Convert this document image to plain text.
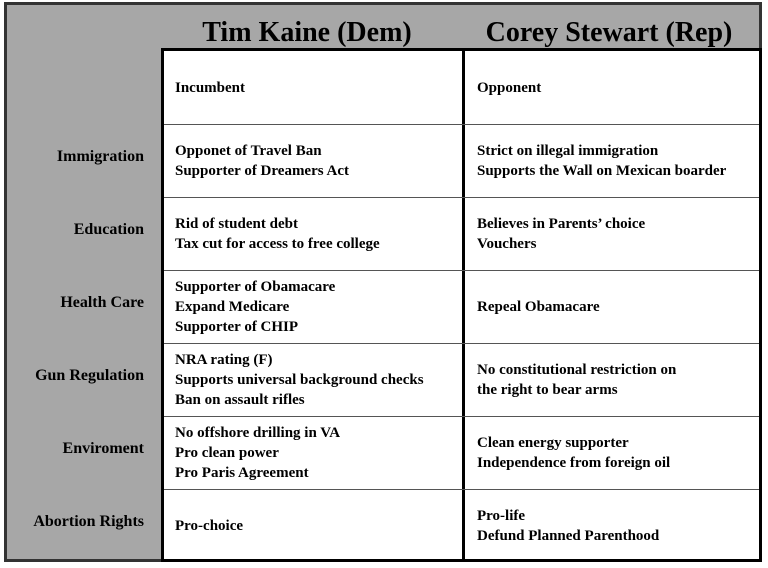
Tim Kaine (Dem)	Corey Stewart (Rep)
Incumbent	Opponent
Opponet of Travel Ban
Supporter of Dreamers Act
Strict on illegal immigration
Supports the Wall on Mexican boarder
Rid of student debt
Tax cut for access to free college
Believes in Parents’ choice
Vouchers
Supporter of Obamacare
Expand Medicare
Supporter of CHIP
Repeal Obamacare
NRA rating (F)
Supports universal background checks
Ban on assault rifles
No constitutional restriction on
the right to bear arms
No offshore drilling in VA
Pro clean power
Pro Paris Agreement
Clean energy supporter
Independence from foreign oil
Pro-choice
Pro-life
Defund Planned Parenthood
Immigration
Education
Health Care
Gun Regulation
Enviroment
Abortion Rights
